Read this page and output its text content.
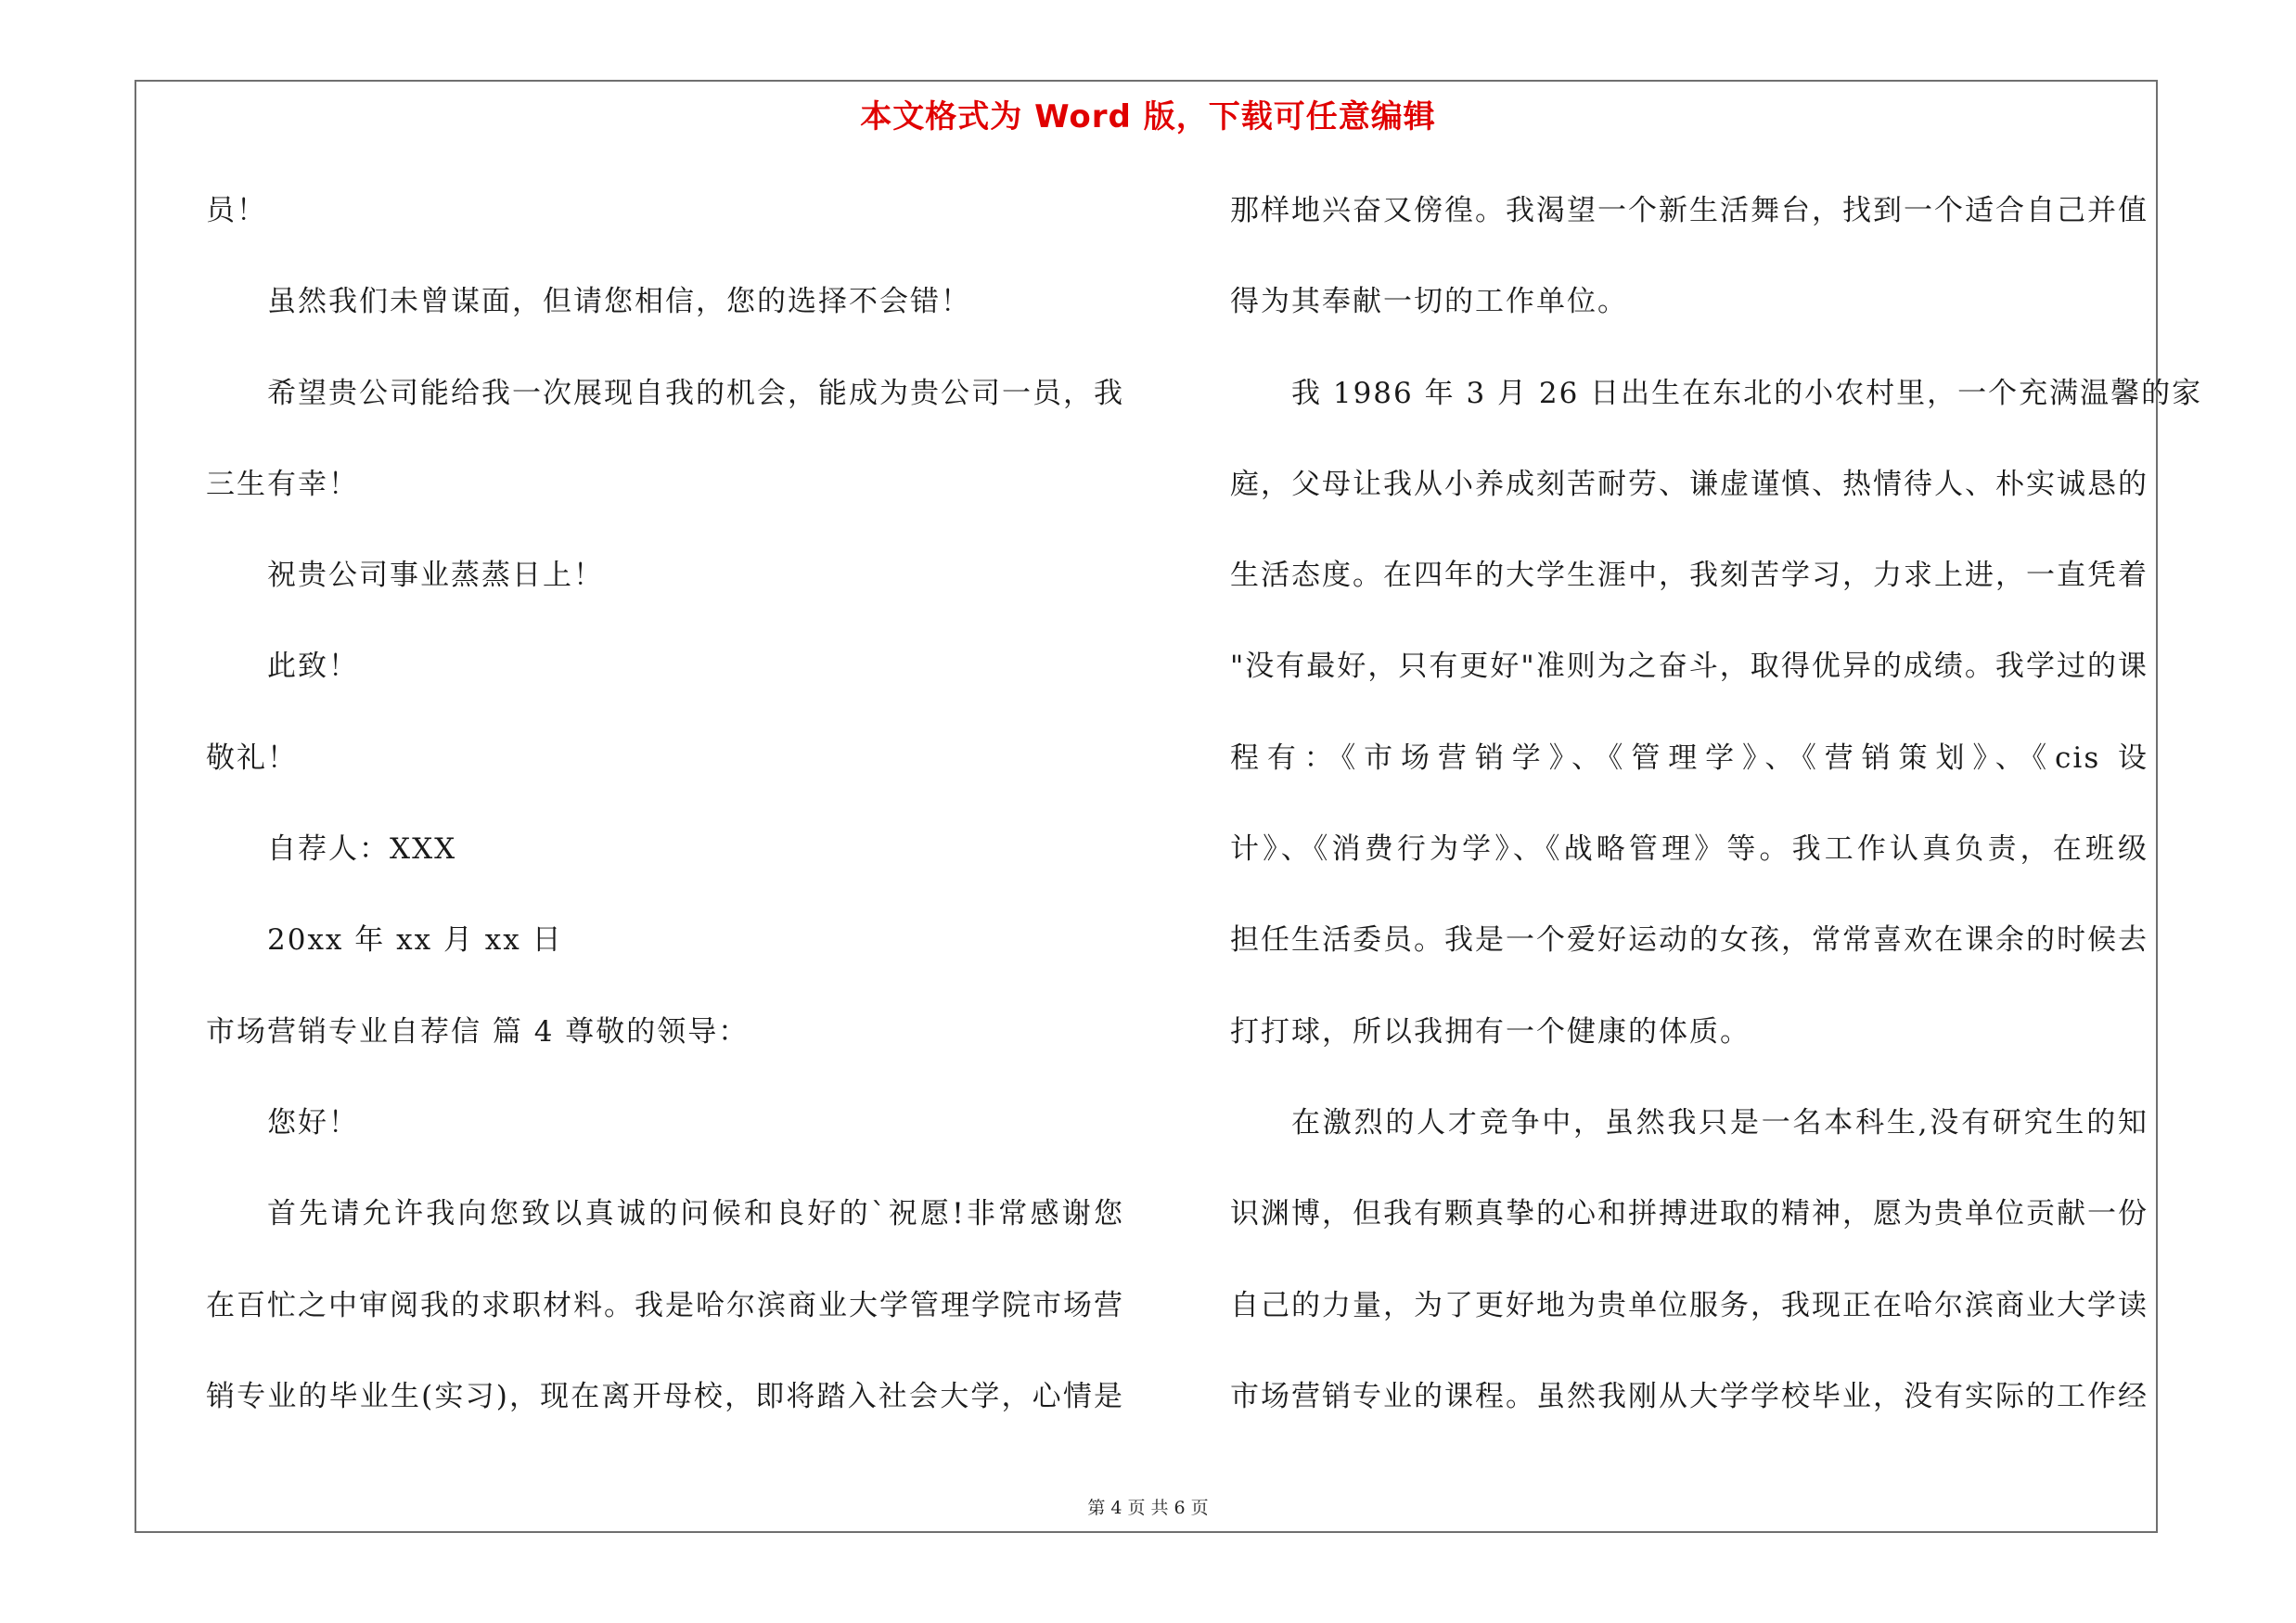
本文格式为 Word 版，下载可任意编辑
员！
虽然我们未曾谋面，但请您相信，您的选择不会错！
希望贵公司能给我一次展现自我的机会，能成为贵公司一员，我
三生有幸！
祝贵公司事业蒸蒸日上！
此致！
敬礼！
自荐人：XXX
20xx 年 xx 月 xx 日
市场营销专业自荐信 篇 4 尊敬的领导：
您好！
首先请允许我向您致以真诚的问候和良好的`祝愿!非常感谢您
在百忙之中审阅我的求职材料。我是哈尔滨商业大学管理学院市场营
销专业的毕业生(实习)，现在离开母校，即将踏入社会大学，心情是
那样地兴奋又傍徨。我渴望一个新生活舞台，找到一个适合自己并值
得为其奉献一切的工作单位。
我 1986 年 3 月 26 日出生在东北的小农村里，一个充满温馨的家
庭，父母让我从小养成刻苦耐劳、谦虚谨慎、热情待人、朴实诚恳的
生活态度。在四年的大学生涯中，我刻苦学习，力求上进，一直凭着
"没有最好，只有更好"准则为之奋斗，取得优异的成绩。我学过的课
程有：《市场营销学》、《管理学》、《营销策划》、《cis 设
计》、《消费行为学》、《战略管理》等。我工作认真负责，在班级
担任生活委员。我是一个爱好运动的女孩，常常喜欢在课余的时候去
打打球，所以我拥有一个健康的体质。
在激烈的人才竞争中，虽然我只是一名本科生,没有研究生的知
识渊博，但我有颗真挚的心和拼搏进取的精神，愿为贵单位贡献一份
自己的力量，为了更好地为贵单位服务，我现正在哈尔滨商业大学读
市场营销专业的课程。虽然我刚从大学学校毕业，没有实际的工作经
第 4 页 共 6 页
